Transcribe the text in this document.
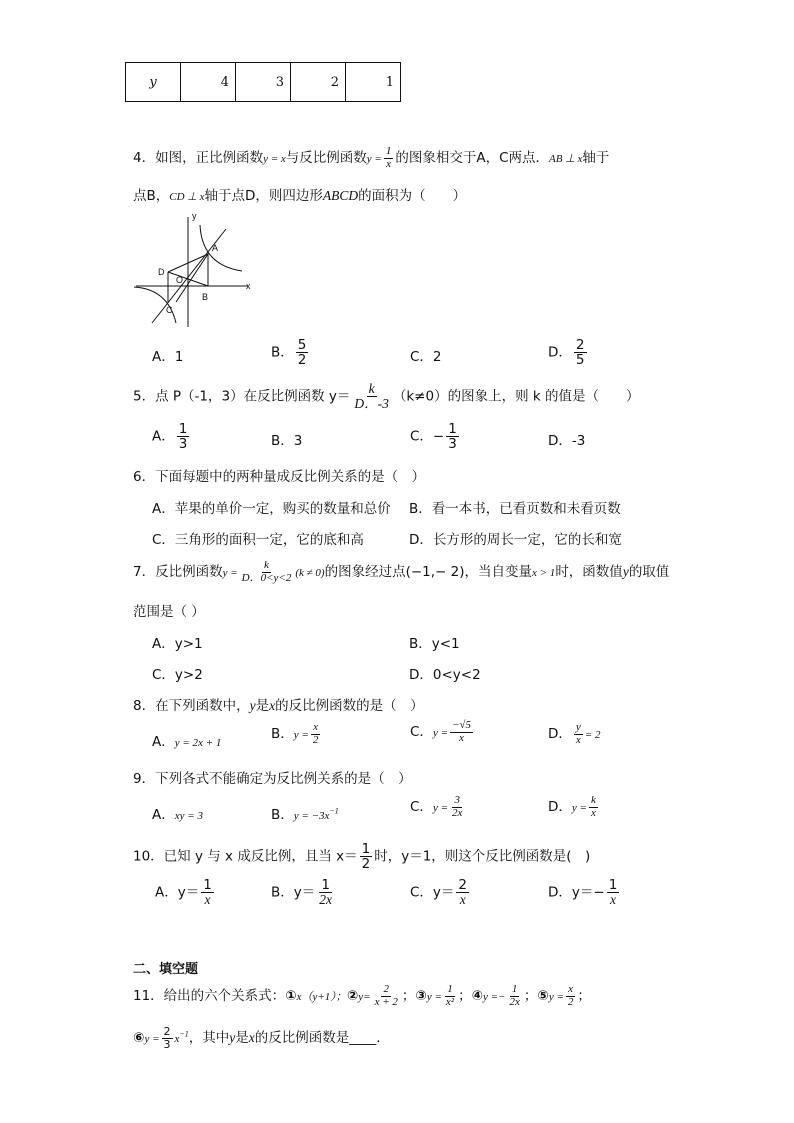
y	4	3	2	1
4．如图，正比例函数y = x与反比例函数$y = \frac{1}{x}$ 的图象相交于A，C两点．AB ⊥ x轴于
点B，CD ⊥ x轴于点D，则四边形ABCD的面积为（　　）
y
x
A
B
C
D
O
A．1	B． $\frac{5}{2}$	C．2	D． $\frac{2}{5}$
5．点 P（-1，3）在反比例函数 $y= \frac{k}{D.-3} (k\ne 0)$的图象上，则 k 的值是（　　）
A． $\frac{1}{3}$	B．3	C．− $\frac{1}{3}$	D．-3
6．下面每题中的两种量成反比例关系的是（　）
A．苹果的单价一定，购买的数量和总价 B．看一本书，已看页数和未看页数
C．三角形的面积一定，它的底和高	D．长方形的周长一定，它的长和宽
7．反比例函数$y = \frac{k}{D.0<y<2} (k \ne 0)$的图象经过点(−1,− 2)，当自变量x > 1时，函数值y的取值
范围是（ ）
A．y>1	B．y<1
C．y>2	D．0<y<2
8．在下列函数中，y是x的反比例函数的是（　）
A．y = 2x + 1
B．$y = \frac{x}{2}$	C．$y = \frac{-√5}{x}$	D． $\frac{y}{x} = 2$
9．下列各式不能确定为反比例关系的是（　）
A．xy = 3	B．$y = -3x^{-1}$	C．$y = \frac{3}{2x}$	D．$y = \frac{k}{x}$
10．已知 y 与 x 成反比例，且当 $x= \frac{1}{2}$ 时，y＝1，则这个反比例函数是(　)
A．$y= \frac{1}{x}$	B．$y= \frac{1}{2x}$	C．$y= \frac{2}{x}$	D．$y=- \frac{1}{x}$
二、填空题
11．给出的六个关系式：①x（y+1）；②y= $\frac{2}{x + 2}$ ；③y = $\frac{1}{\text{x²}}$ ；④y =− $\frac{1}{2x}$ ；⑤y = $\frac{x}{2}$ ；
⑥y = $\frac{2}{3} x^{-1}$，其中y是x的反比例函数是____.
